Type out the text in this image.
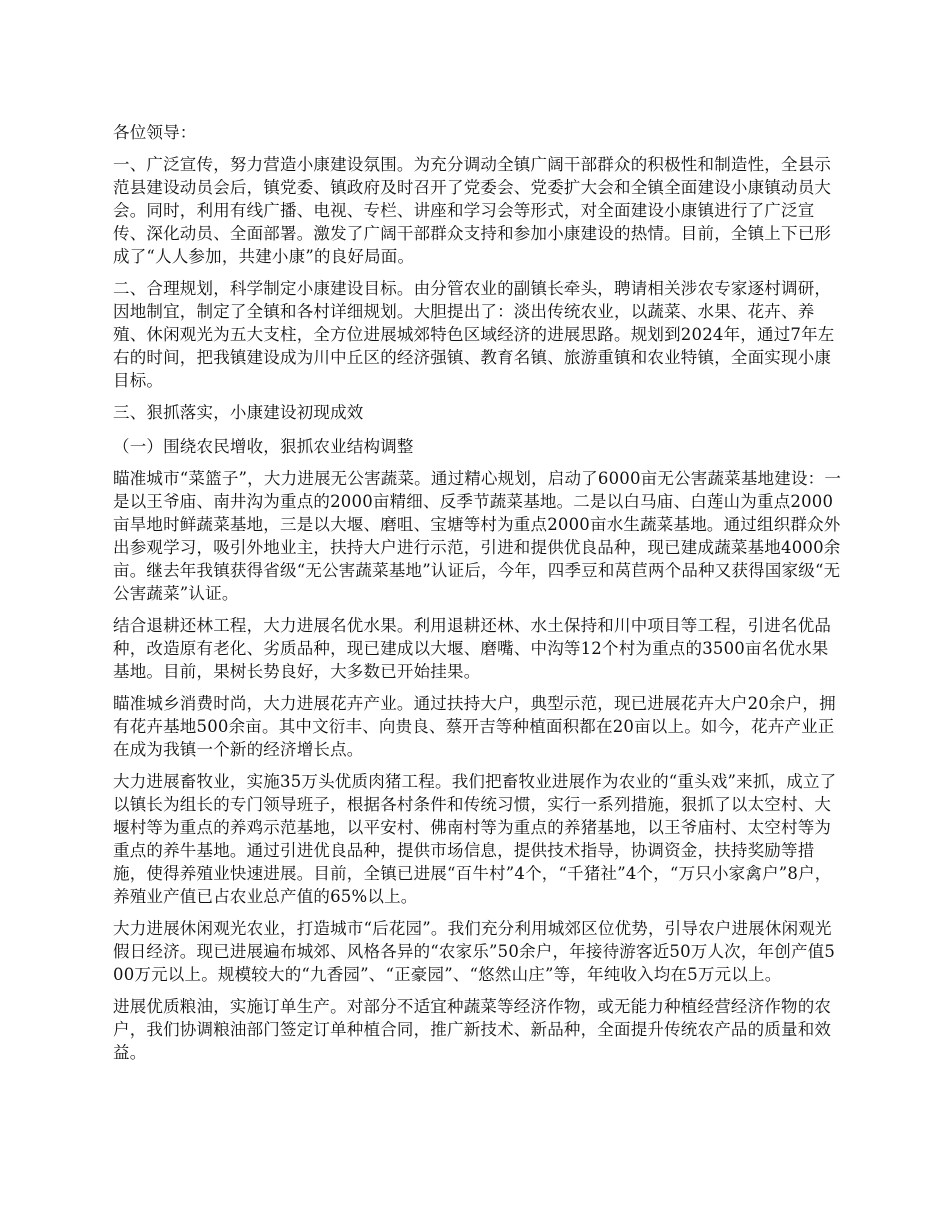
各位领导：

一、广泛宣传，努力营造小康建设氛围。为充分调动全镇广阔干部群众的积极性和制造性，全县示范县建设动员会后，镇党委、镇政府及时召开了党委会、党委扩大会和全镇全面建设小康镇动员大会。同时，利用有线广播、电视、专栏、讲座和学习会等形式，对全面建设小康镇进行了广泛宣传、深化动员、全面部署。激发了广阔干部群众支持和参加小康建设的热情。目前，全镇上下已形成了“人人参加，共建小康”的良好局面。

二、合理规划，科学制定小康建设目标。由分管农业的副镇长牵头，聘请相关涉农专家逐村调研，因地制宜，制定了全镇和各村详细规划。大胆提出了：淡出传统农业，以蔬菜、水果、花卉、养殖、休闲观光为五大支柱，全方位进展城郊特色区域经济的进展思路。规划到2024年，通过7年左右的时间，把我镇建设成为川中丘区的经济强镇、教育名镇、旅游重镇和农业特镇，全面实现小康目标。

三、狠抓落实，小康建设初现成效

（一）围绕农民增收，狠抓农业结构调整

瞄准城市“菜篮子”，大力进展无公害蔬菜。通过精心规划，启动了6000亩无公害蔬菜基地建设：一是以王爷庙、南井沟为重点的2000亩精细、反季节蔬菜基地。二是以白马庙、白莲山为重点2000亩旱地时鲜蔬菜基地，三是以大堰、磨咀、宝塘等村为重点2000亩水生蔬菜基地。通过组织群众外出参观学习，吸引外地业主，扶持大户进行示范，引进和提供优良品种，现已建成蔬菜基地4000余亩。继去年我镇获得省级“无公害蔬菜基地”认证后，今年，四季豆和莴苣两个品种又获得国家级“无公害蔬菜”认证。

结合退耕还林工程，大力进展名优水果。利用退耕还林、水土保持和川中项目等工程，引进名优品种，改造原有老化、劣质品种，现已建成以大堰、磨嘴、中沟等12个村为重点的3500亩名优水果基地。目前，果树长势良好，大多数已开始挂果。

瞄准城乡消费时尚，大力进展花卉产业。通过扶持大户，典型示范，现已进展花卉大户20余户，拥有花卉基地500余亩。其中文衍丰、向贵良、蔡开吉等种植面积都在20亩以上。如今，花卉产业正在成为我镇一个新的经济增长点。

大力进展畜牧业，实施35万头优质肉猪工程。我们把畜牧业进展作为农业的“重头戏”来抓，成立了以镇长为组长的专门领导班子，根据各村条件和传统习惯，实行一系列措施，狠抓了以太空村、大堰村等为重点的养鸡示范基地，以平安村、佛南村等为重点的养猪基地，以王爷庙村、太空村等为重点的养牛基地。通过引进优良品种，提供市场信息，提供技术指导，协调资金，扶持奖励等措施，使得养殖业快速进展。目前，全镇已进展“百牛村”4个，“千猪社”4个，“万只小家禽户”8户，养殖业产值已占农业总产值的65%以上。

大力进展休闲观光农业，打造城市“后花园”。我们充分利用城郊区位优势，引导农户进展休闲观光假日经济。现已进展遍布城郊、风格各异的“农家乐”50余户，年接待游客近50万人次，年创产值500万元以上。规模较大的“九香园”、“正豪园”、“悠然山庄”等，年纯收入均在5万元以上。

进展优质粮油，实施订单生产。对部分不适宜种蔬菜等经济作物，或无能力种植经营经济作物的农户，我们协调粮油部门签定订单种植合同，推广新技术、新品种，全面提升传统农产品的质量和效益。
